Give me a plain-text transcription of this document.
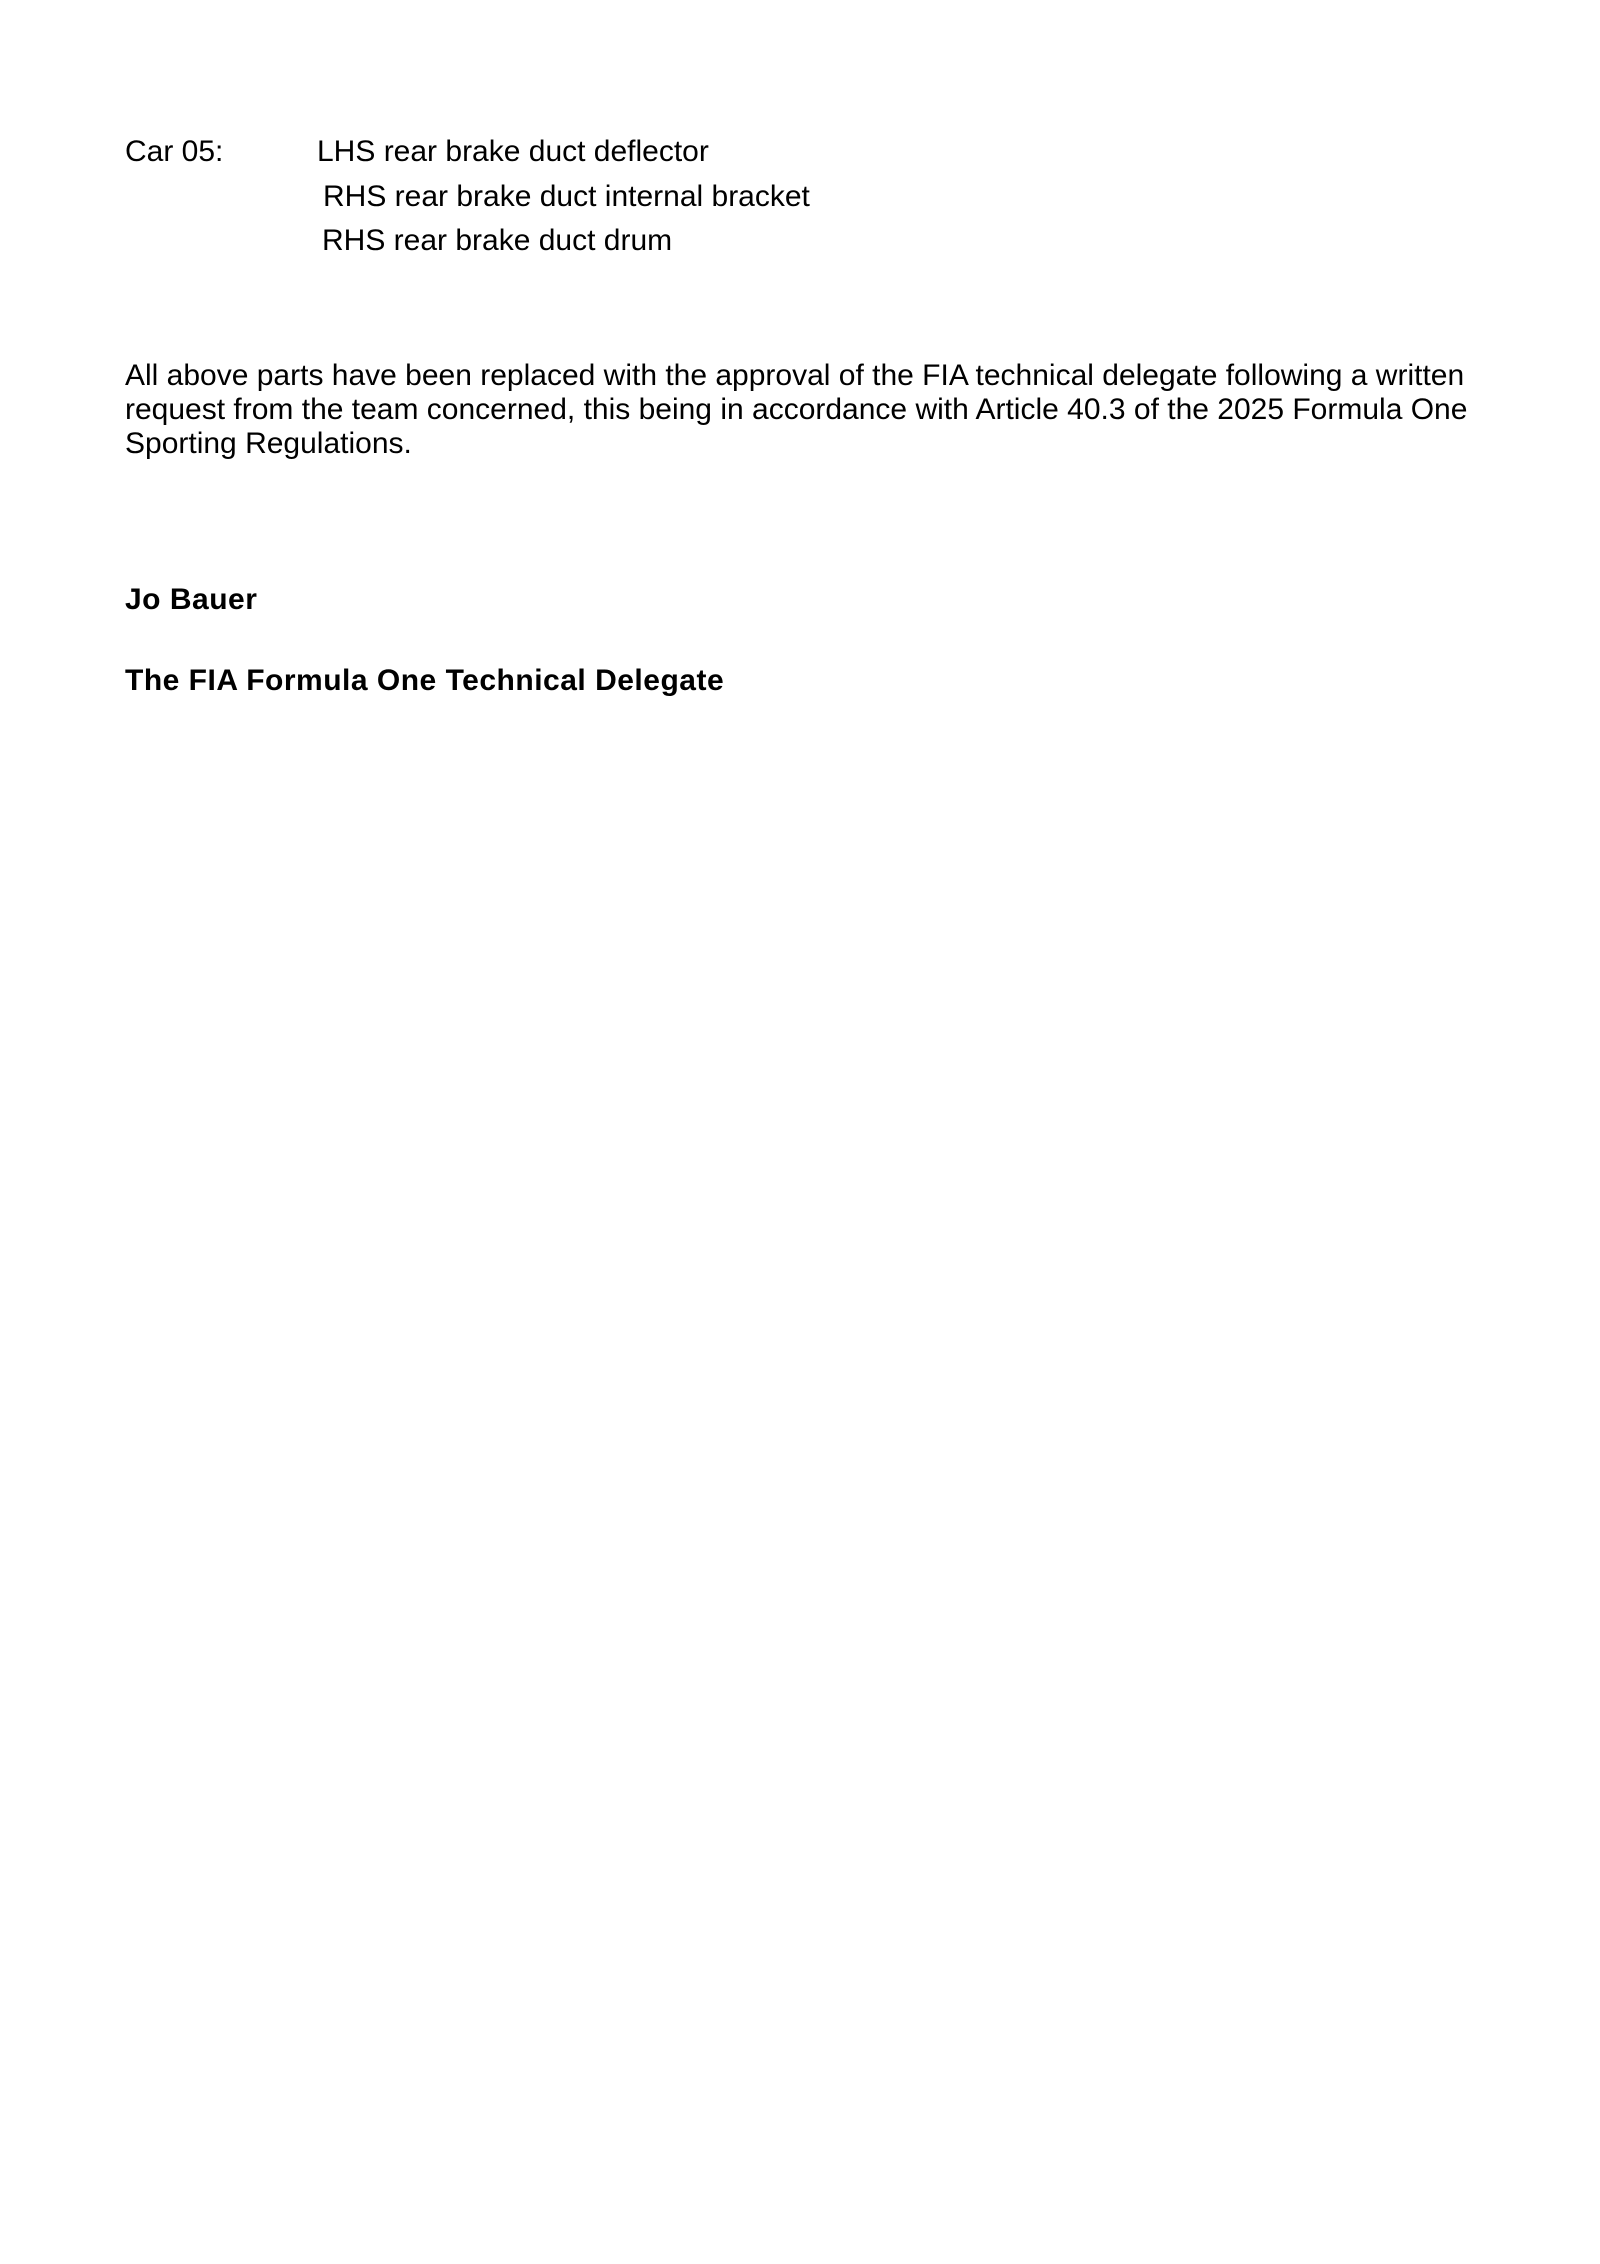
Car 05:	LHS rear brake duct deflector
RHS rear brake duct internal bracket
RHS rear brake duct drum
All above parts have been replaced with the approval of the FIA technical delegate following a written request from the team concerned, this being in accordance with Article 40.3 of the 2025 Formula One Sporting Regulations.
Jo Bauer
The FIA Formula One Technical Delegate
